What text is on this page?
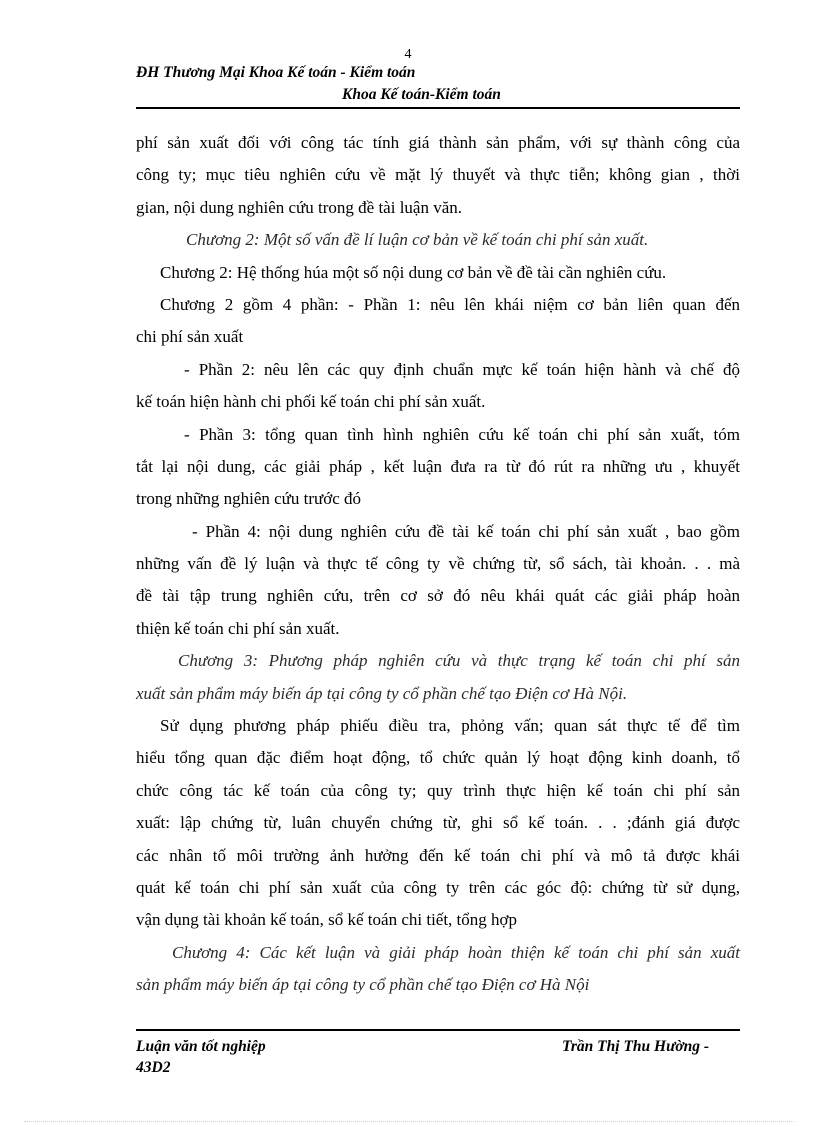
4
ĐH Thương Mại Khoa Kế toán - Kiểm toán
Khoa Kế toán-Kiểm toán
phí sản xuất đối với công tác tính giá thành sản phẩm, với sự thành công của
công ty; mục tiêu nghiên cứu về mặt lý thuyết và thực tiễn; không gian , thời
gian, nội dung nghiên cứu trong đề tài luận văn.
Chương 2: Một số vấn đề lí luận cơ bản về kế toán chi phí sản xuất.
Chương 2: Hệ thống húa một số nội dung cơ bản về đề tài cần nghiên cứu.
Chương 2 gồm 4 phần: - Phần 1: nêu lên khái niệm cơ bản liên quan đến
chi phí sản xuất
- Phần 2: nêu lên các quy định chuẩn mực kế toán hiện hành và chế độ
kế toán hiện hành chi phối kế toán chi phí sản xuất.
- Phần 3: tổng quan tình hình nghiên cứu kế toán chi phí sản xuất, tóm
tắt lại nội dung, các giải pháp , kết luận đưa ra từ đó rút ra những ưu , khuyết
trong những nghiên cứu trước đó
- Phần 4: nội dung nghiên cứu đề tài kế toán chi phí sản xuất , bao gồm
những vấn đề lý luận và thực tế công ty về chứng từ, sổ sách, tài khoản. . . mà
đề tài tập trung nghiên cứu, trên cơ sở đó nêu khái quát các giải pháp hoàn
thiện kế toán chi phí sản xuất.
Chương 3: Phương pháp nghiên cứu và thực trạng kế toán chi phí sản
xuất sản phẩm máy biến áp tại công ty cổ phần chế tạo Điện cơ Hà Nội.
Sử dụng phương pháp phiếu điều tra, phỏng vấn; quan sát thực tế để tìm
hiểu tổng quan đặc điểm hoạt động, tổ chức quản lý hoạt động kinh doanh, tổ
chức công tác kế toán của công ty; quy trình thực hiện kế toán chi phí sản
xuất: lập chứng từ, luân chuyển chứng từ, ghi sổ kế toán. . . ;đánh giá được
các nhân tố môi trường ảnh hưởng đến kế toán chi phí và mô tả được khái
quát kế toán chi phí sản xuất của công ty trên các góc độ: chứng từ sử dụng,
vận dụng tài khoản kế toán, sổ kế toán chi tiết, tổng hợp
Chương 4: Các kết luận và giải pháp hoàn thiện kế toán chi phí sản xuất
sản phẩm máy biến áp tại công ty cổ phần chế tạo Điện cơ Hà Nội
Luận văn tốt nghiệp
43D2
Trần Thị Thu Hường -
